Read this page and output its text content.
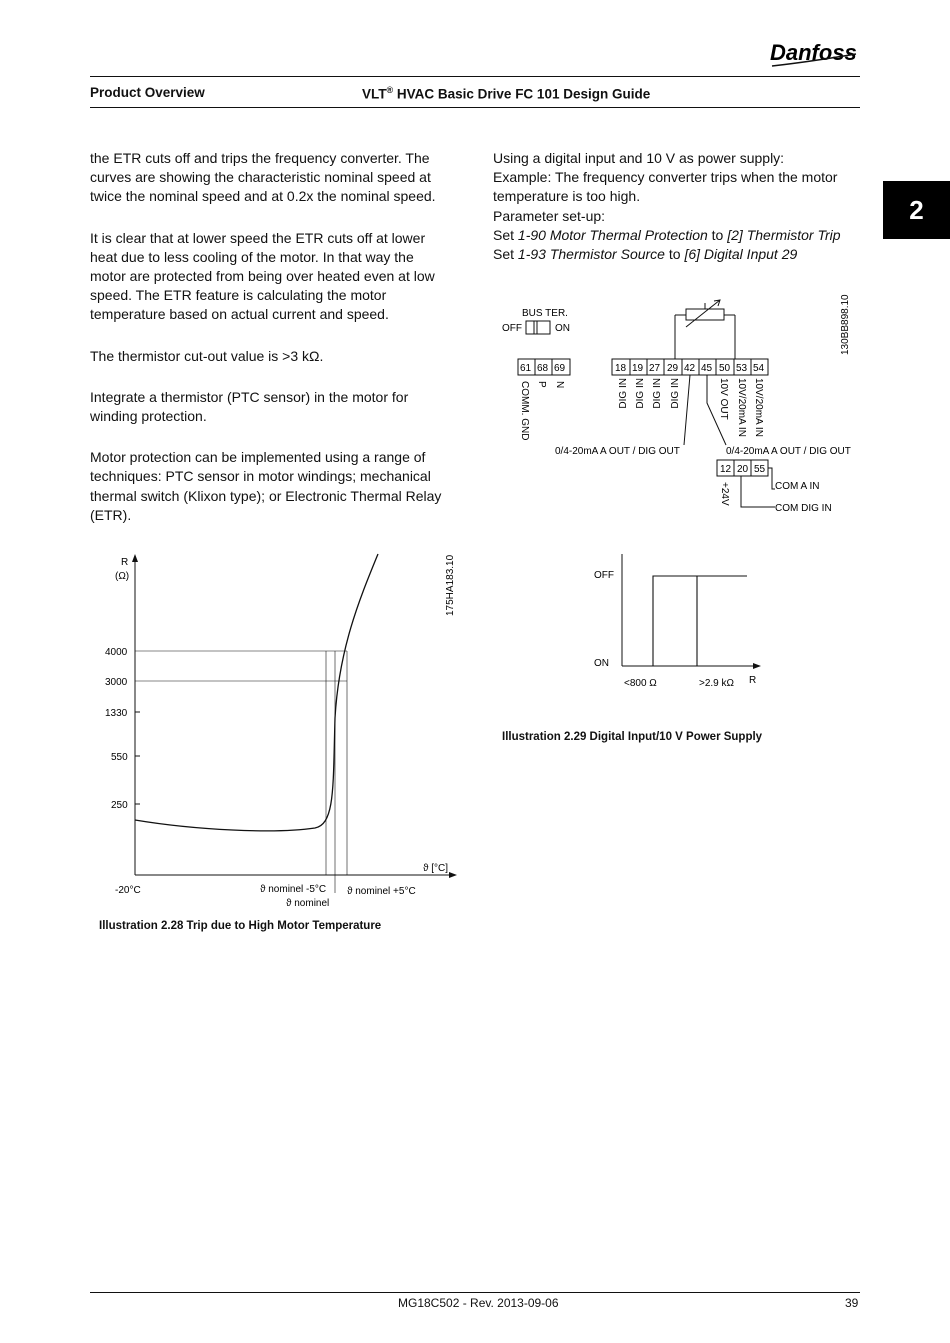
Danfoss
Product Overview	VLT® HVAC Basic Drive FC 101 Design Guide
2

the ETR cuts off and trips the frequency converter. The curves are showing the characteristic nominal speed at twice the nominal speed and at 0.2x the nominal speed.

It is clear that at lower speed the ETR cuts off at lower heat due to less cooling of the motor. In that way the motor are protected from being over heated even at low speed. The ETR feature is calculating the motor temperature based on actual current and speed.

The thermistor cut-out value is >3 kΩ.

Integrate a thermistor (PTC sensor) in the motor for winding protection.

Motor protection can be implemented using a range of techniques: PTC sensor in motor windings; mechanical thermal switch (Klixon type); or Electronic Thermal Relay (ETR).

Using a digital input and 10 V as power supply:
Example: The frequency converter trips when the motor temperature is too high.
Parameter set-up:
Set 1-90 Motor Thermal Protection to [2] Thermistor Trip
Set 1-93 Thermistor Source to [6] Digital Input 29
130BB898.10
BUS TER.
OFF	ON
61 68 69
COMM. GND P N
18 19 27 29 42 45 50 53 54
DIG IN DIG IN DIG IN DIG IN	10V OUT 10V/20mA IN 10V/20mA IN
0/4-20mA A OUT / DIG OUT	0/4-20mA A OUT / DIG OUT
12 20 55
+24V	COM A IN
COM DIG IN
175HA183.10
R
(Ω)
4000
3000
1330
550
250
-20°C	ϑ nominel -5°C
ϑ nominel
ϑ nominel +5°C
ϑ [°C]
OFF
ON
<800 Ω	>2.9 kΩ R
Illustration 2.28 Trip due to High Motor Temperature
Illustration 2.29 Digital Input/10 V Power Supply
MG18C502 - Rev. 2013-09-06	39
